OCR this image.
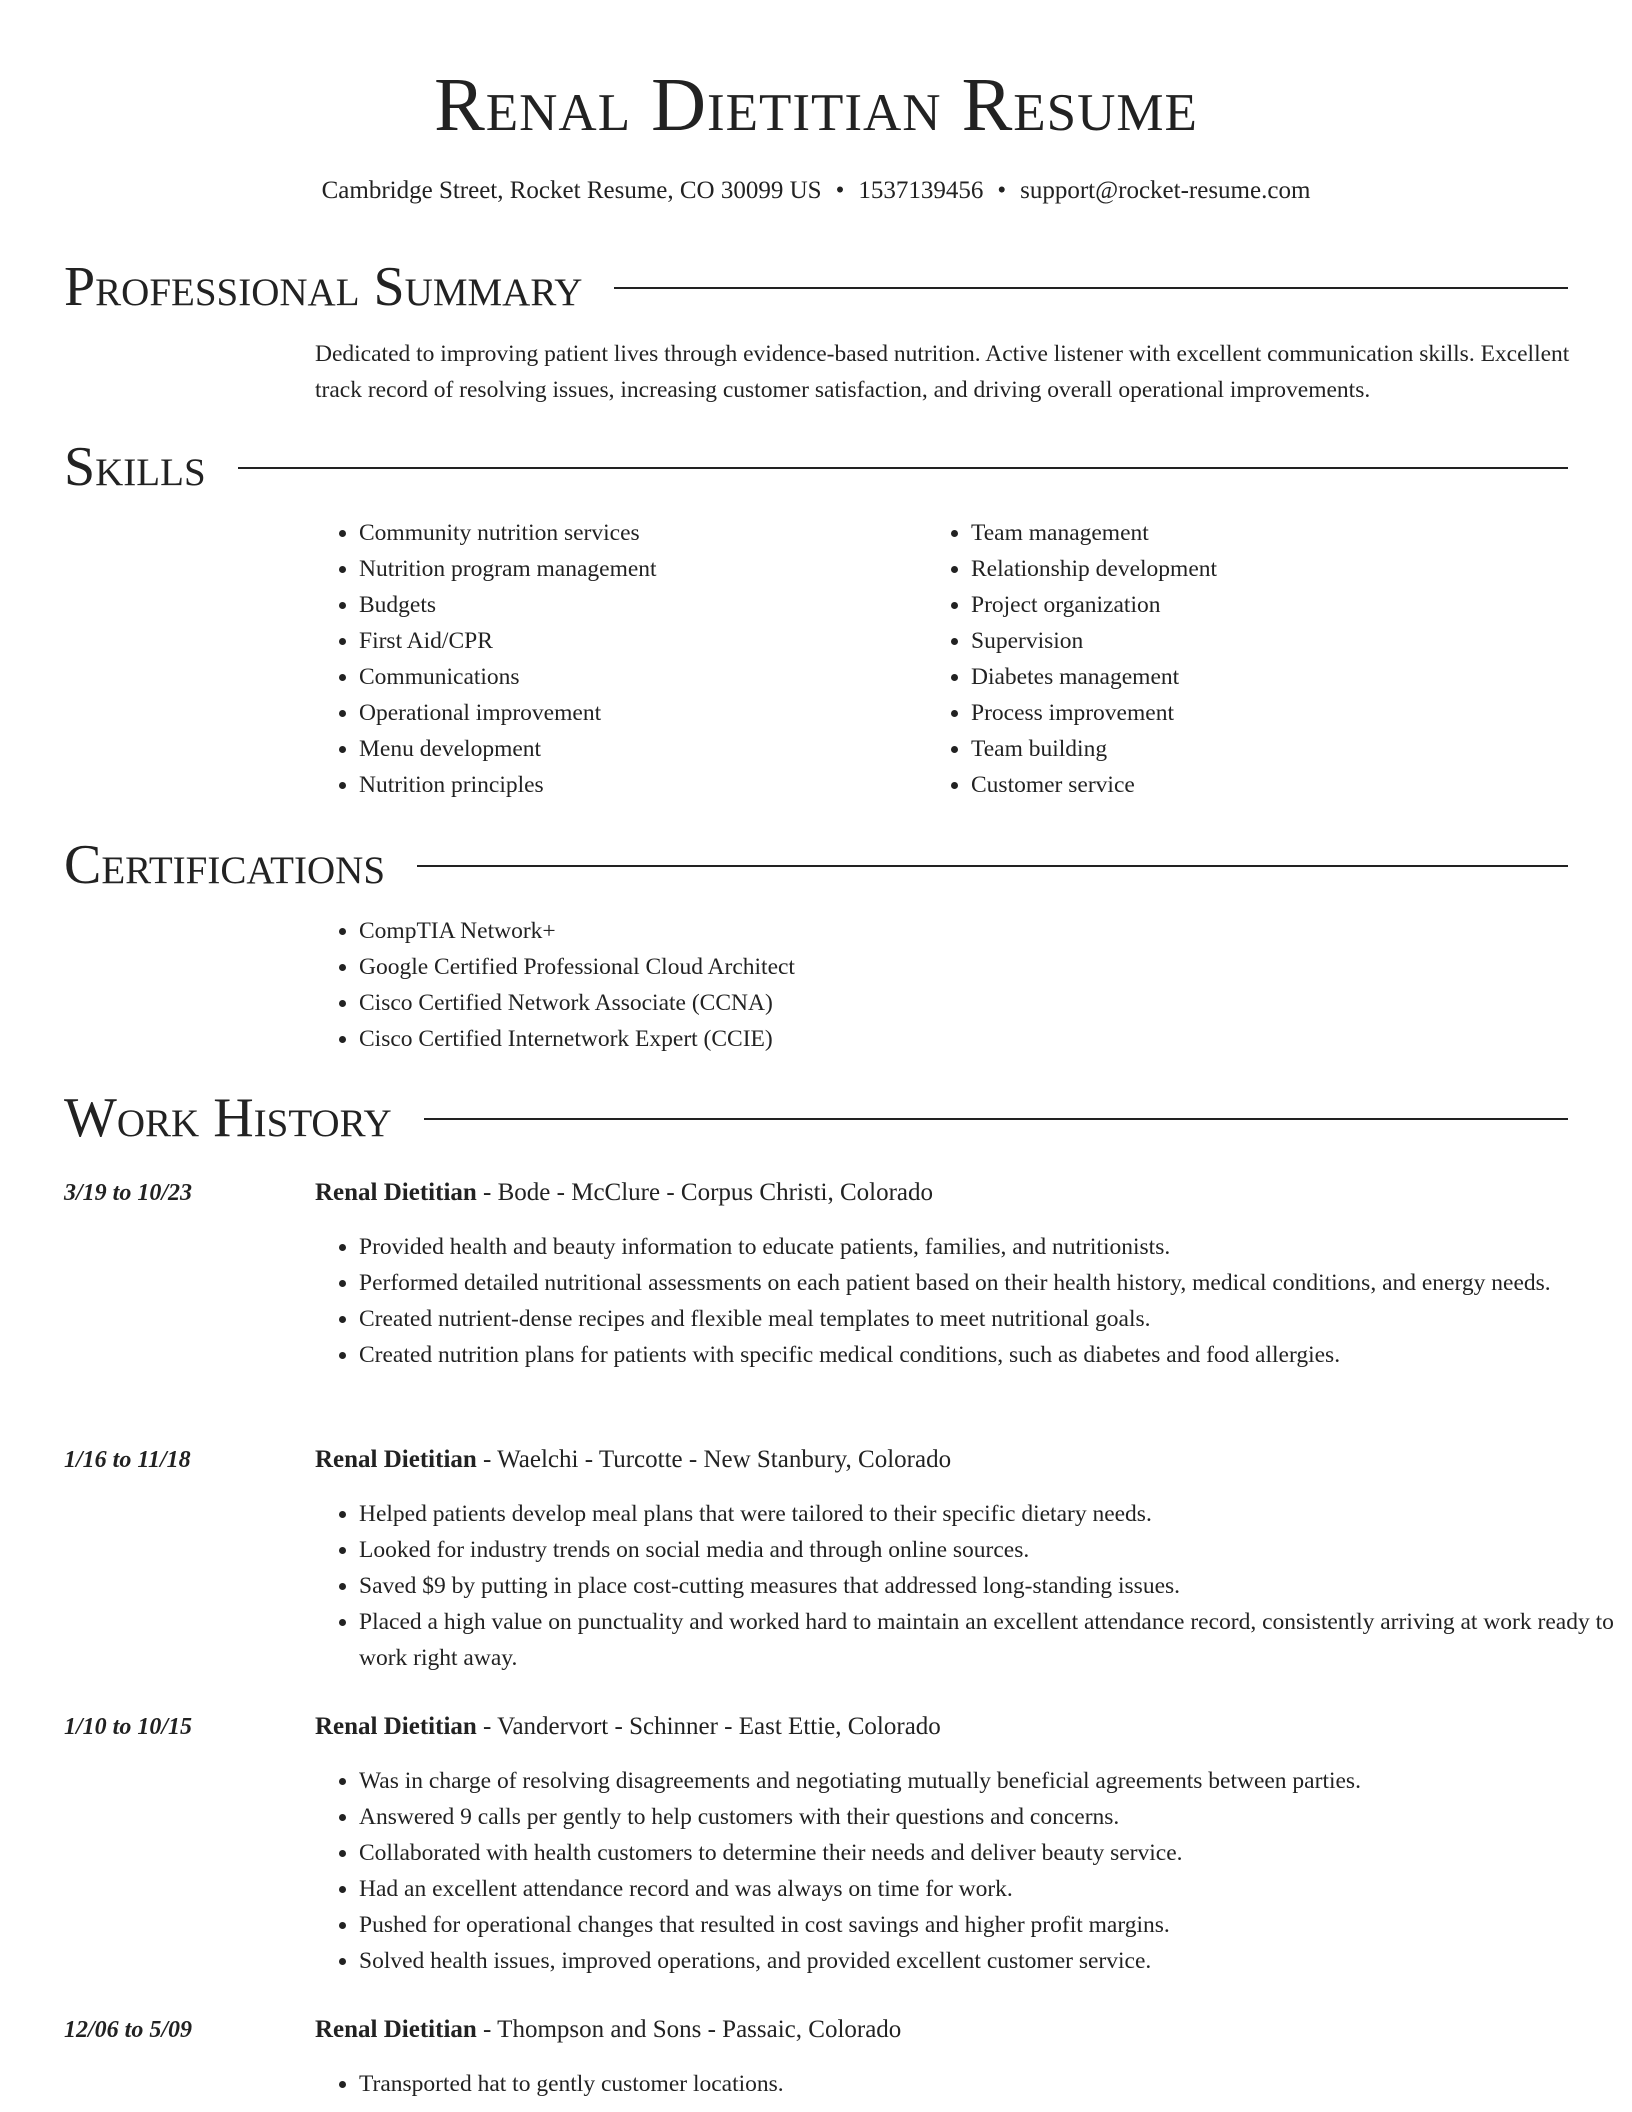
Renal Dietitian Resume
Cambridge Street, Rocket Resume, CO 30099 US • 1537139456 • support@rocket-resume.com
Professional Summary
Dedicated to improving patient lives through evidence-based nutrition. Active listener with excellent communication skills. Excellent track record of resolving issues, increasing customer satisfaction, and driving overall operational improvements.
Skills
• Community nutrition services
• Nutrition program management
• Budgets
• First Aid/CPR
• Communications
• Operational improvement
• Menu development
• Nutrition principles
• Team management
• Relationship development
• Project organization
• Supervision
• Diabetes management
• Process improvement
• Team building
• Customer service
Certifications
• CompTIA Network+
• Google Certified Professional Cloud Architect
• Cisco Certified Network Associate (CCNA)
• Cisco Certified Internetwork Expert (CCIE)
Work History
3/19 to 10/23	Renal Dietitian - Bode - McClure - Corpus Christi, Colorado
• Provided health and beauty information to educate patients, families, and nutritionists.
• Performed detailed nutritional assessments on each patient based on their health history, medical conditions, and energy needs.
• Created nutrient-dense recipes and flexible meal templates to meet nutritional goals.
• Created nutrition plans for patients with specific medical conditions, such as diabetes and food allergies.
1/16 to 11/18	Renal Dietitian - Waelchi - Turcotte - New Stanbury, Colorado
• Helped patients develop meal plans that were tailored to their specific dietary needs.
• Looked for industry trends on social media and through online sources.
• Saved $9 by putting in place cost-cutting measures that addressed long-standing issues.
• Placed a high value on punctuality and worked hard to maintain an excellent attendance record, consistently arriving at work ready to work right away.
1/10 to 10/15	Renal Dietitian - Vandervort - Schinner - East Ettie, Colorado
• Was in charge of resolving disagreements and negotiating mutually beneficial agreements between parties.
• Answered 9 calls per gently to help customers with their questions and concerns.
• Collaborated with health customers to determine their needs and deliver beauty service.
• Had an excellent attendance record and was always on time for work.
• Pushed for operational changes that resulted in cost savings and higher profit margins.
• Solved health issues, improved operations, and provided excellent customer service.
12/06 to 5/09	Renal Dietitian - Thompson and Sons - Passaic, Colorado
• Transported hat to gently customer locations.
